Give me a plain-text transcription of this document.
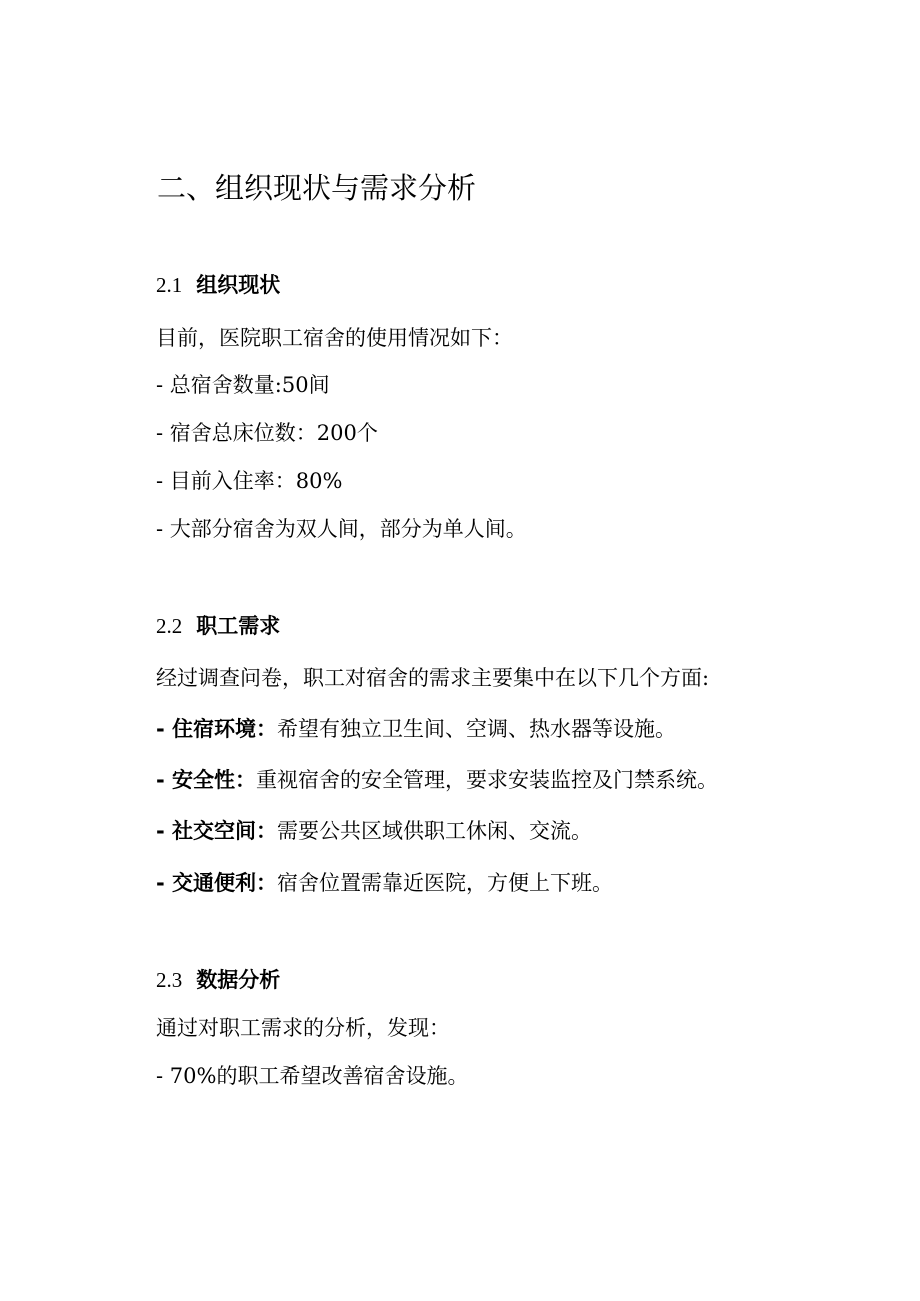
二、组织现状与需求分析
2.1 组织现状
目前，医院职工宿舍的使用情况如下：
- 总宿舍数量:50间
- 宿舍总床位数：200个
- 目前入住率：80%
- 大部分宿舍为双人间，部分为单人间。
2.2 职工需求
经过调查问卷，职工对宿舍的需求主要集中在以下几个方面:
- 住宿环境：希望有独立卫生间、空调、热水器等设施。
- 安全性：重视宿舍的安全管理，要求安装监控及门禁系统。
- 社交空间：需要公共区域供职工休闲、交流。
- 交通便利：宿舍位置需靠近医院，方便上下班。
2.3 数据分析
通过对职工需求的分析，发现：
- 70%的职工希望改善宿舍设施。
